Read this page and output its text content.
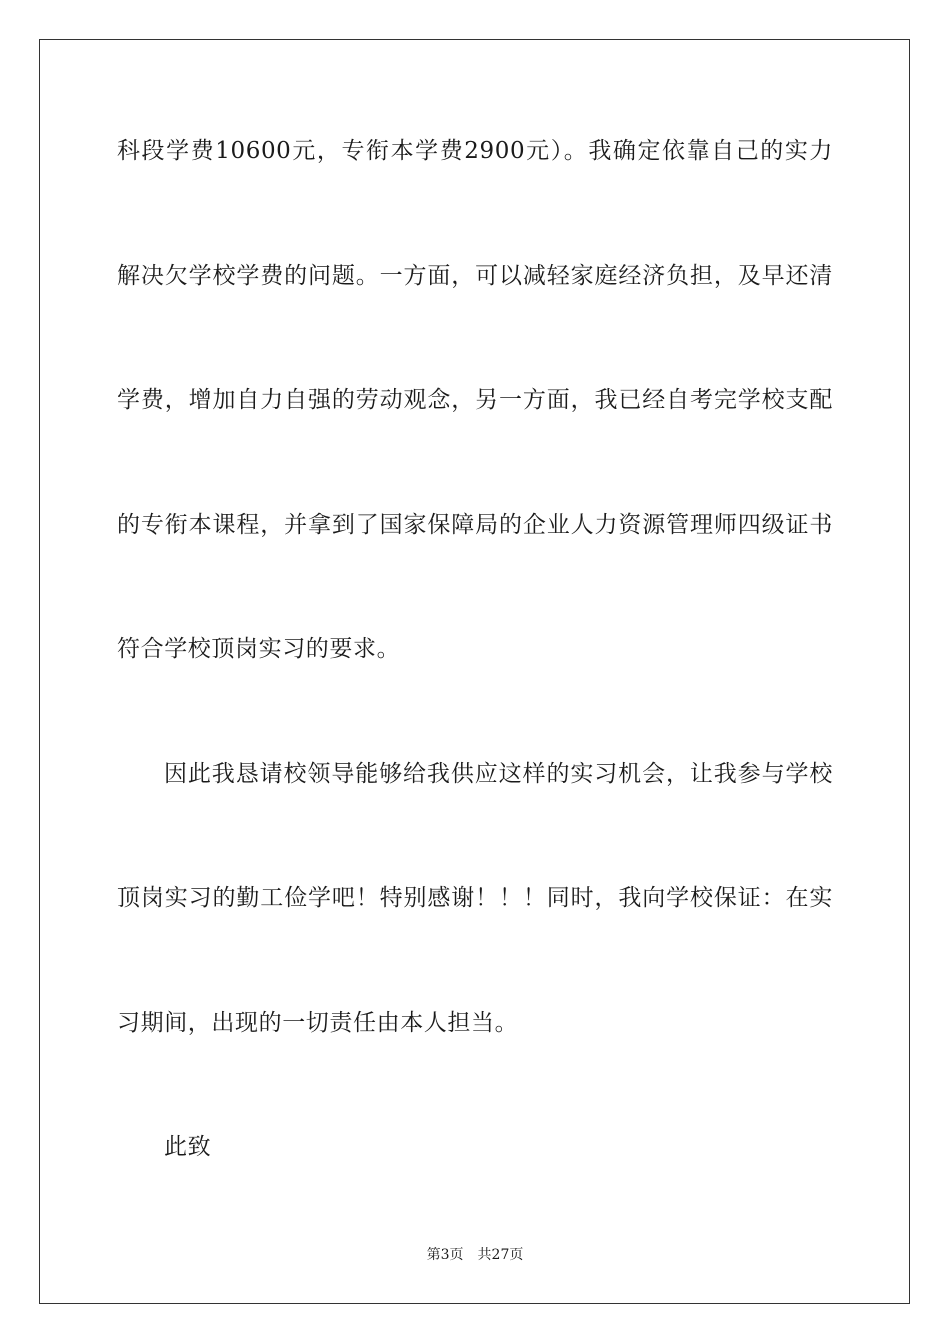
科段学费10600元，专衔本学费2900元）。我确定依靠自己的实力
解决欠学校学费的问题。一方面，可以减轻家庭经济负担，及早还清
学费，增加自力自强的劳动观念，另一方面，我已经自考完学校支配
的专衔本课程，并拿到了国家保障局的企业人力资源管理师四级证书
符合学校顶岗实习的要求。
因此我恳请校领导能够给我供应这样的实习机会，让我参与学校
顶岗实习的勤工俭学吧！特别感谢！！！同时，我向学校保证：在实
习期间，出现的一切责任由本人担当。
此致
第3页 共27页
